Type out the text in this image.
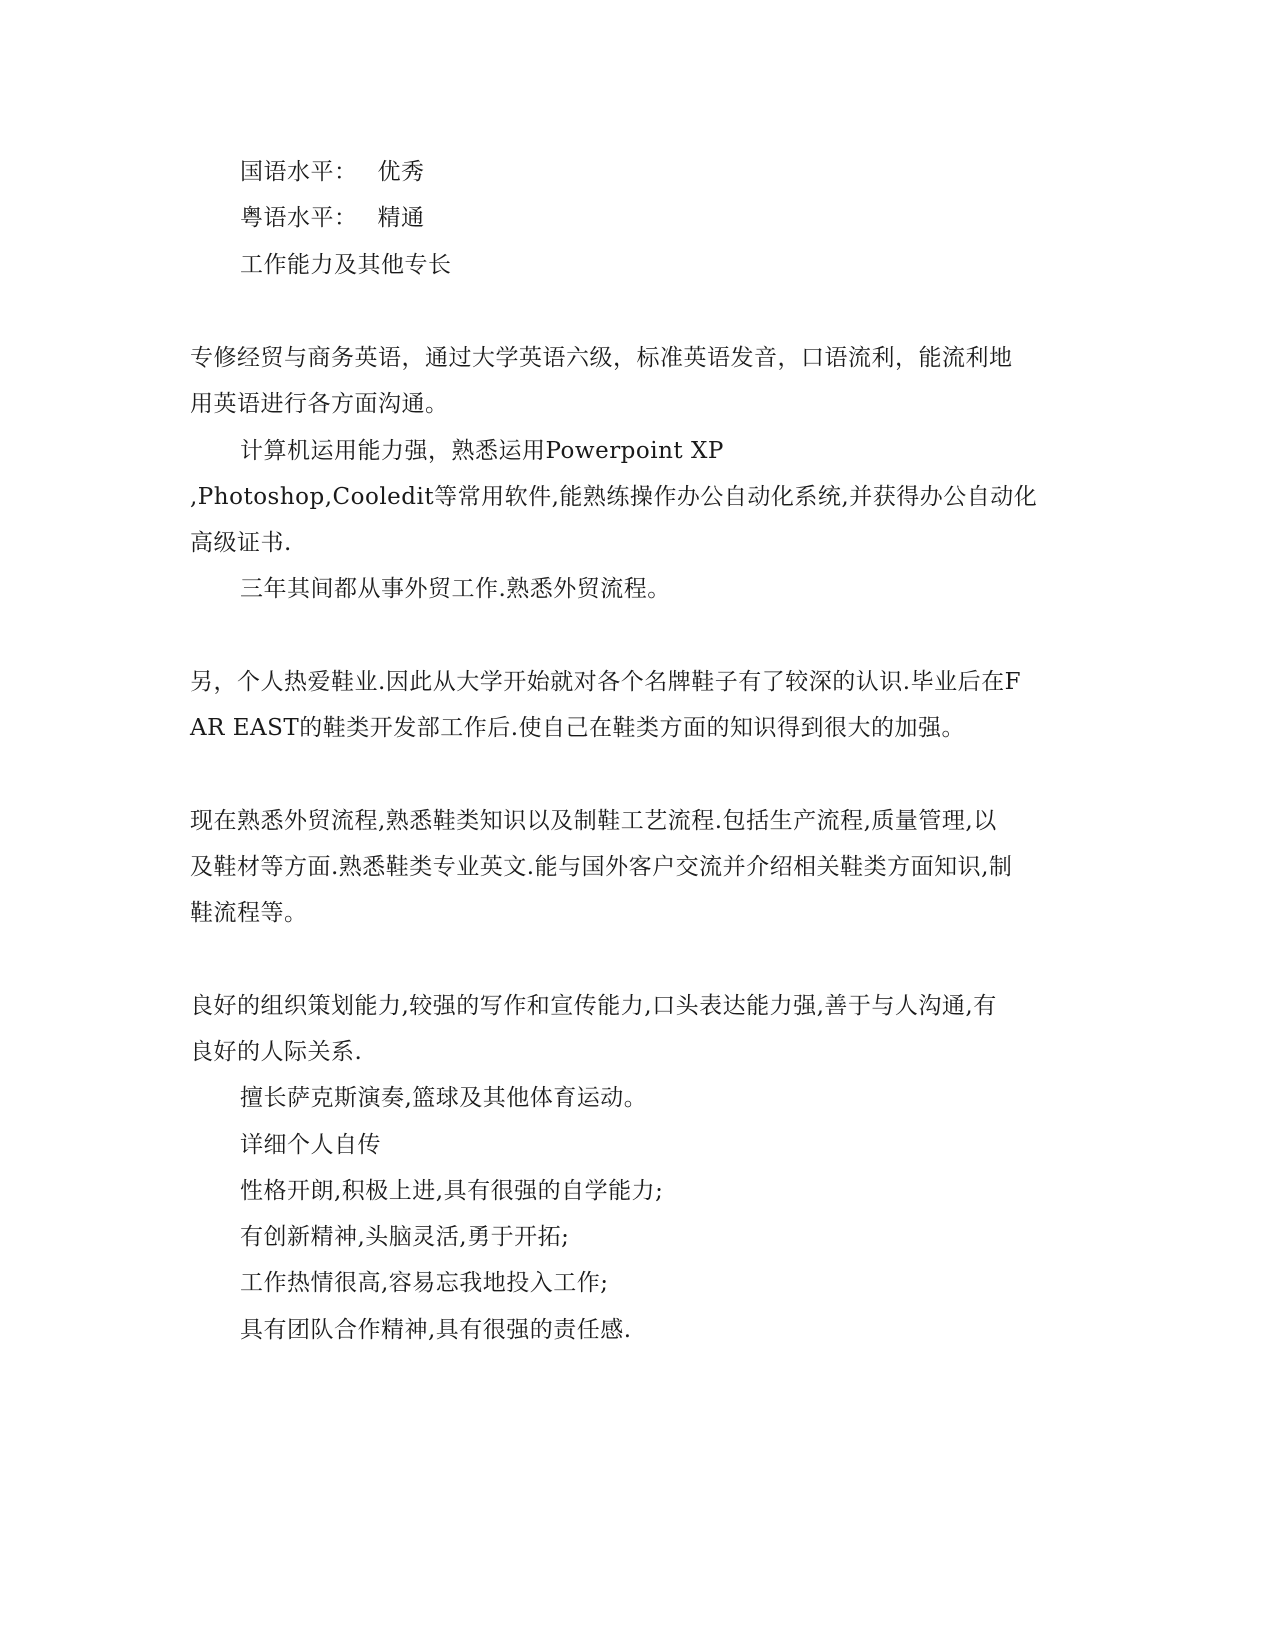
国语水平： 优秀
粤语水平： 精通
工作能力及其他专长
专修经贸与商务英语，通过大学英语六级，标准英语发音，口语流利，能流利地
用英语进行各方面沟通。
计算机运用能力强，熟悉运用Powerpoint XP
,Photoshop,Cooledit等常用软件,能熟练操作办公自动化系统,并获得办公自动化
高级证书.
三年其间都从事外贸工作.熟悉外贸流程。
另，个人热爱鞋业.因此从大学开始就对各个名牌鞋子有了较深的认识.毕业后在F
AR EAST的鞋类开发部工作后.使自己在鞋类方面的知识得到很大的加强。
现在熟悉外贸流程,熟悉鞋类知识以及制鞋工艺流程.包括生产流程,质量管理,以
及鞋材等方面.熟悉鞋类专业英文.能与国外客户交流并介绍相关鞋类方面知识,制
鞋流程等。
良好的组织策划能力,较强的写作和宣传能力,口头表达能力强,善于与人沟通,有
良好的人际关系.
擅长萨克斯演奏,篮球及其他体育运动。
详细个人自传
性格开朗,积极上进,具有很强的自学能力;
有创新精神,头脑灵活,勇于开拓;
工作热情很高,容易忘我地投入工作;
具有团队合作精神,具有很强的责任感.
